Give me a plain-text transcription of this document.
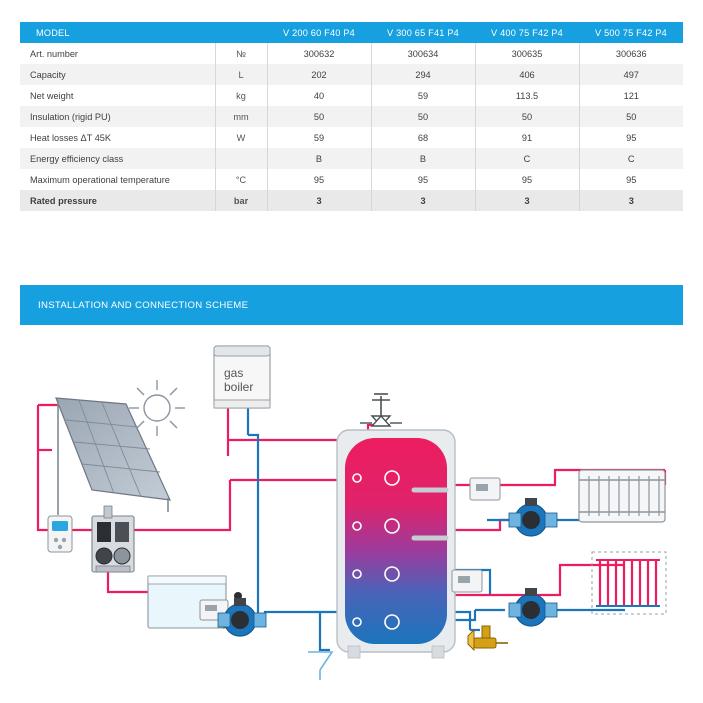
MODEL		V 200 60 F40 P4	V 300 65 F41 P4	V 400 75 F42 P4	V 500 75 F42 P4
Art. number	№	300632	300634	300635	300636
Capacity	L	202	294	406	497
Net weight	kg	40	59	113.5	121
Insulation (rigid PU)	mm	50	50	50	50
Heat losses ΔT 45K	W	59	68	91	95
Energy efficiency class		B	B	C	C
Maximum operational temperature	°C	95	95	95	95
Rated pressure	bar	3	3	3	3
INSTALLATION AND CONNECTION SCHEME
gas
boiler
